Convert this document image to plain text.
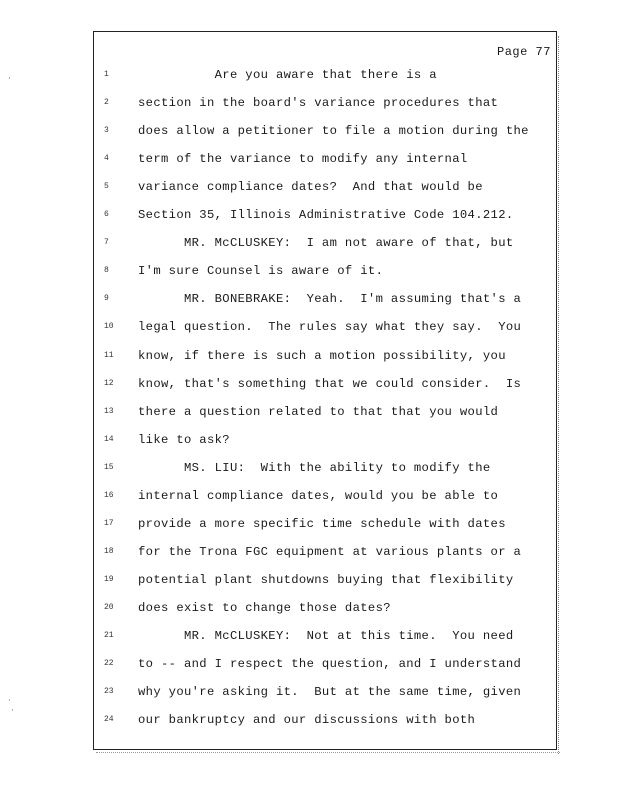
·
·
·
Page 77
1	Are you aware that there is a
2	section in the board's variance procedures that
3	does allow a petitioner to file a motion during the
4	term of the variance to modify any internal
5	variance compliance dates?  And that would be
6	Section 35, Illinois Administrative Code 104.212.
7	MR. McCLUSKEY:  I am not aware of that, but
8	I'm sure Counsel is aware of it.
9	MR. BONEBRAKE:  Yeah.  I'm assuming that's a
10	legal question.  The rules say what they say.  You
11	know, if there is such a motion possibility, you
12	know, that's something that we could consider.  Is
13	there a question related to that that you would
14	like to ask?
15	MS. LIU:  With the ability to modify the
16	internal compliance dates, would you be able to
17	provide a more specific time schedule with dates
18	for the Trona FGC equipment at various plants or a
19	potential plant shutdowns buying that flexibility
20	does exist to change those dates?
21	MR. McCLUSKEY:  Not at this time.  You need
22	to -- and I respect the question, and I understand
23	why you're asking it.  But at the same time, given
24	our bankruptcy and our discussions with both
